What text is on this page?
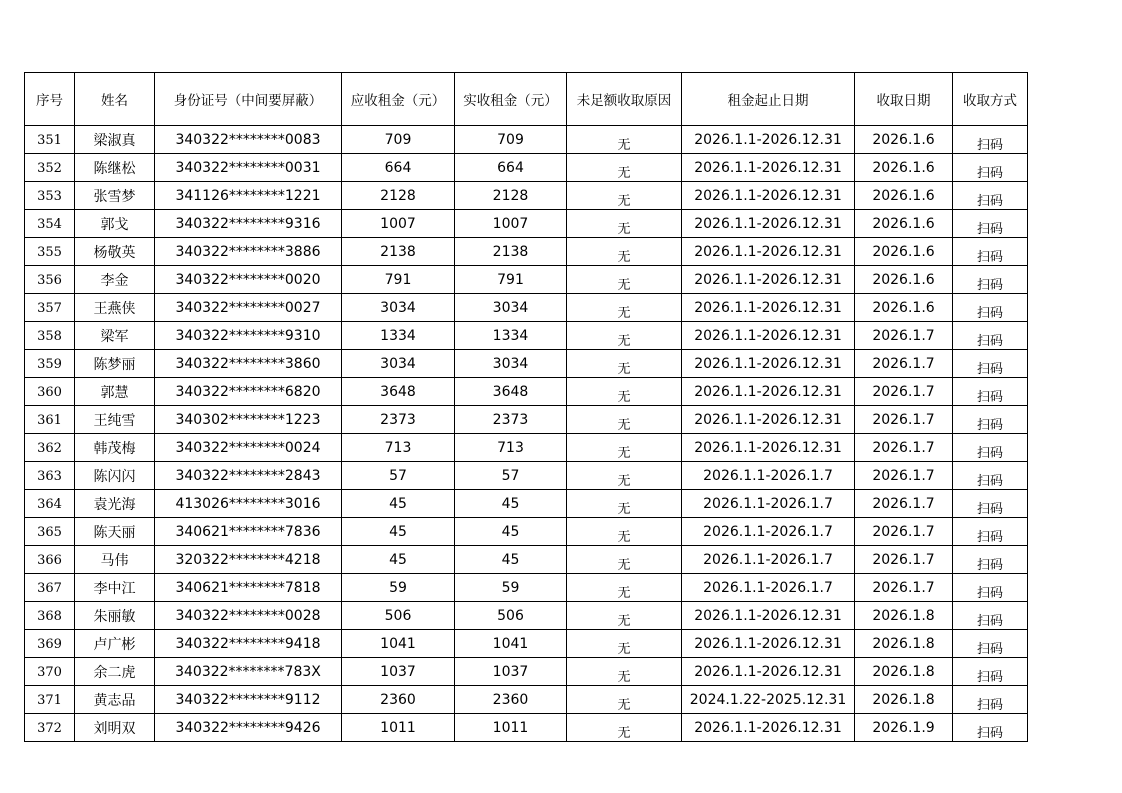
序号	姓名	身份证号（中间要屏蔽）	应收租金（元）	实收租金（元）	未足额收取原因	租金起止日期	收取日期	收取方式
351	梁淑真	340322********0083	709	709	无	2026.1.1-2026.12.31	2026.1.6	扫码
352	陈继松	340322********0031	664	664	无	2026.1.1-2026.12.31	2026.1.6	扫码
353	张雪梦	341126********1221	2128	2128	无	2026.1.1-2026.12.31	2026.1.6	扫码
354	郭戈	340322********9316	1007	1007	无	2026.1.1-2026.12.31	2026.1.6	扫码
355	杨敬英	340322********3886	2138	2138	无	2026.1.1-2026.12.31	2026.1.6	扫码
356	李金	340322********0020	791	791	无	2026.1.1-2026.12.31	2026.1.6	扫码
357	王燕侠	340322********0027	3034	3034	无	2026.1.1-2026.12.31	2026.1.6	扫码
358	梁军	340322********9310	1334	1334	无	2026.1.1-2026.12.31	2026.1.7	扫码
359	陈梦丽	340322********3860	3034	3034	无	2026.1.1-2026.12.31	2026.1.7	扫码
360	郭慧	340322********6820	3648	3648	无	2026.1.1-2026.12.31	2026.1.7	扫码
361	王纯雪	340302********1223	2373	2373	无	2026.1.1-2026.12.31	2026.1.7	扫码
362	韩茂梅	340322********0024	713	713	无	2026.1.1-2026.12.31	2026.1.7	扫码
363	陈闪闪	340322********2843	57	57	无	2026.1.1-2026.1.7	2026.1.7	扫码
364	袁光海	413026********3016	45	45	无	2026.1.1-2026.1.7	2026.1.7	扫码
365	陈天丽	340621********7836	45	45	无	2026.1.1-2026.1.7	2026.1.7	扫码
366	马伟	320322********4218	45	45	无	2026.1.1-2026.1.7	2026.1.7	扫码
367	李中江	340621********7818	59	59	无	2026.1.1-2026.1.7	2026.1.7	扫码
368	朱丽敏	340322********0028	506	506	无	2026.1.1-2026.12.31	2026.1.8	扫码
369	卢广彬	340322********9418	1041	1041	无	2026.1.1-2026.12.31	2026.1.8	扫码
370	余二虎	340322********783X	1037	1037	无	2026.1.1-2026.12.31	2026.1.8	扫码
371	黄志品	340322********9112	2360	2360	无	2024.1.22-2025.12.31	2026.1.8	扫码
372	刘明双	340322********9426	1011	1011	无	2026.1.1-2026.12.31	2026.1.9	扫码
